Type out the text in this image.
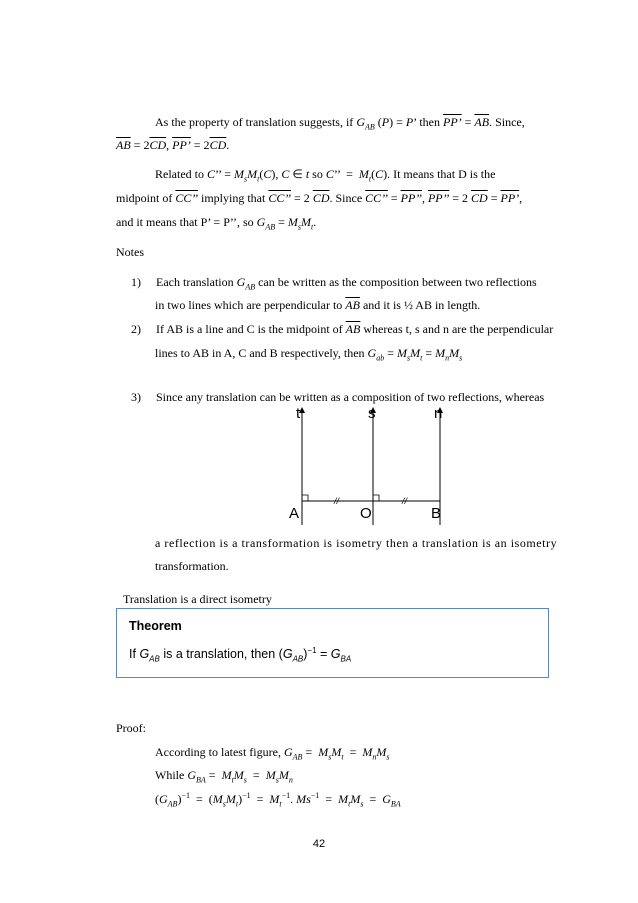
As the property of translation suggests, if $G_{AB}$ (P) = P’ then PP’ = $\overline{AB}$. Since,
$\overline{AB} = 2\overline{CD}$, PP’ = $2\overline{CD}$.
Related to C’’ = $M_sM_t(C)$, C ∈ t so C’’  =  $M_t(C)$. It means that D is the
midpoint of CC’’ implying that CC’’ = 2 $\overline{CD}$. Since CC’’ = PP’’, PP’’ = 2 $\overline{CD}$ = PP’,
and it means that P’ = P’’, so $G_{AB} = M_sM_t$.
Notes
1) Each translation $G_{AB}$ can be written as the composition between two reflections
in two lines which are perpendicular to $\overline{AB}$ and it is ½ AB in length.
2) If AB is a line and C is the midpoint of $\overline{AB}$ whereas t, s and n are the perpendicular
lines to AB in A, C and B respectively, then $G_{ab} = M_sM_t = M_nM_s$
3) Since any translation can be written as a composition of two reflections, whereas
t	s	n
A	O	B
//	//
a reflection is a transformation is isometry then a translation is an isometry
transformation.
Translation is a direct isometry
Theorem
If $G_{AB}$ is a translation, then $(G_{AB})^{-1} = G_{BA}$
Proof:
According to latest figure, $G_{AB} = M_sM_t = M_nM_s$
While $G_{BA} = M_tM_s = M_sM_n$
$(G_{AB})^{-1} = (M_sM_t)^{-1} = M_t^{-1}$. $Ms^{-1} = M_tM_s = G_{BA}$
42
